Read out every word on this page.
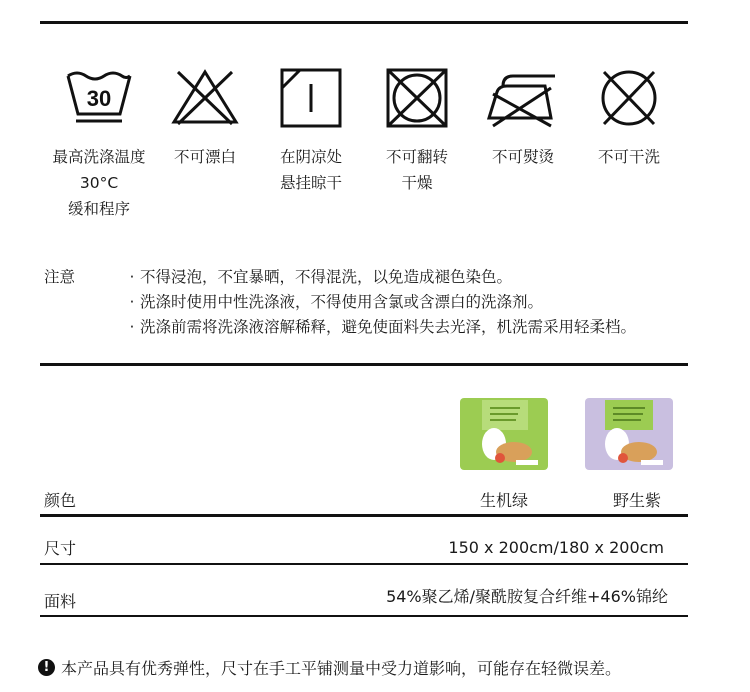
30
最高洗涤温度
30°C
缓和程序
不可漂白	在阴凉处
悬挂晾干
不可翻转
干燥
不可熨烫	不可干洗
注意
·	不得浸泡，不宜暴晒，不得混洗，以免造成褪色染色。
· 洗涤时使用中性洗涤液，不得使用含氯或含漂白的洗涤剂。
· 洗涤前需将洗涤液溶解稀释，避免使面料失去光泽，机洗需采用轻柔档。
颜色	生机绿	野生紫
尺寸	150 x 200cm/180 x 200cm
面料	54%聚乙烯/聚酰胺复合纤维+46%锦纶
! 本产品具有优秀弹性，尺寸在手工平铺测量中受力道影响，可能存在轻微误差。
